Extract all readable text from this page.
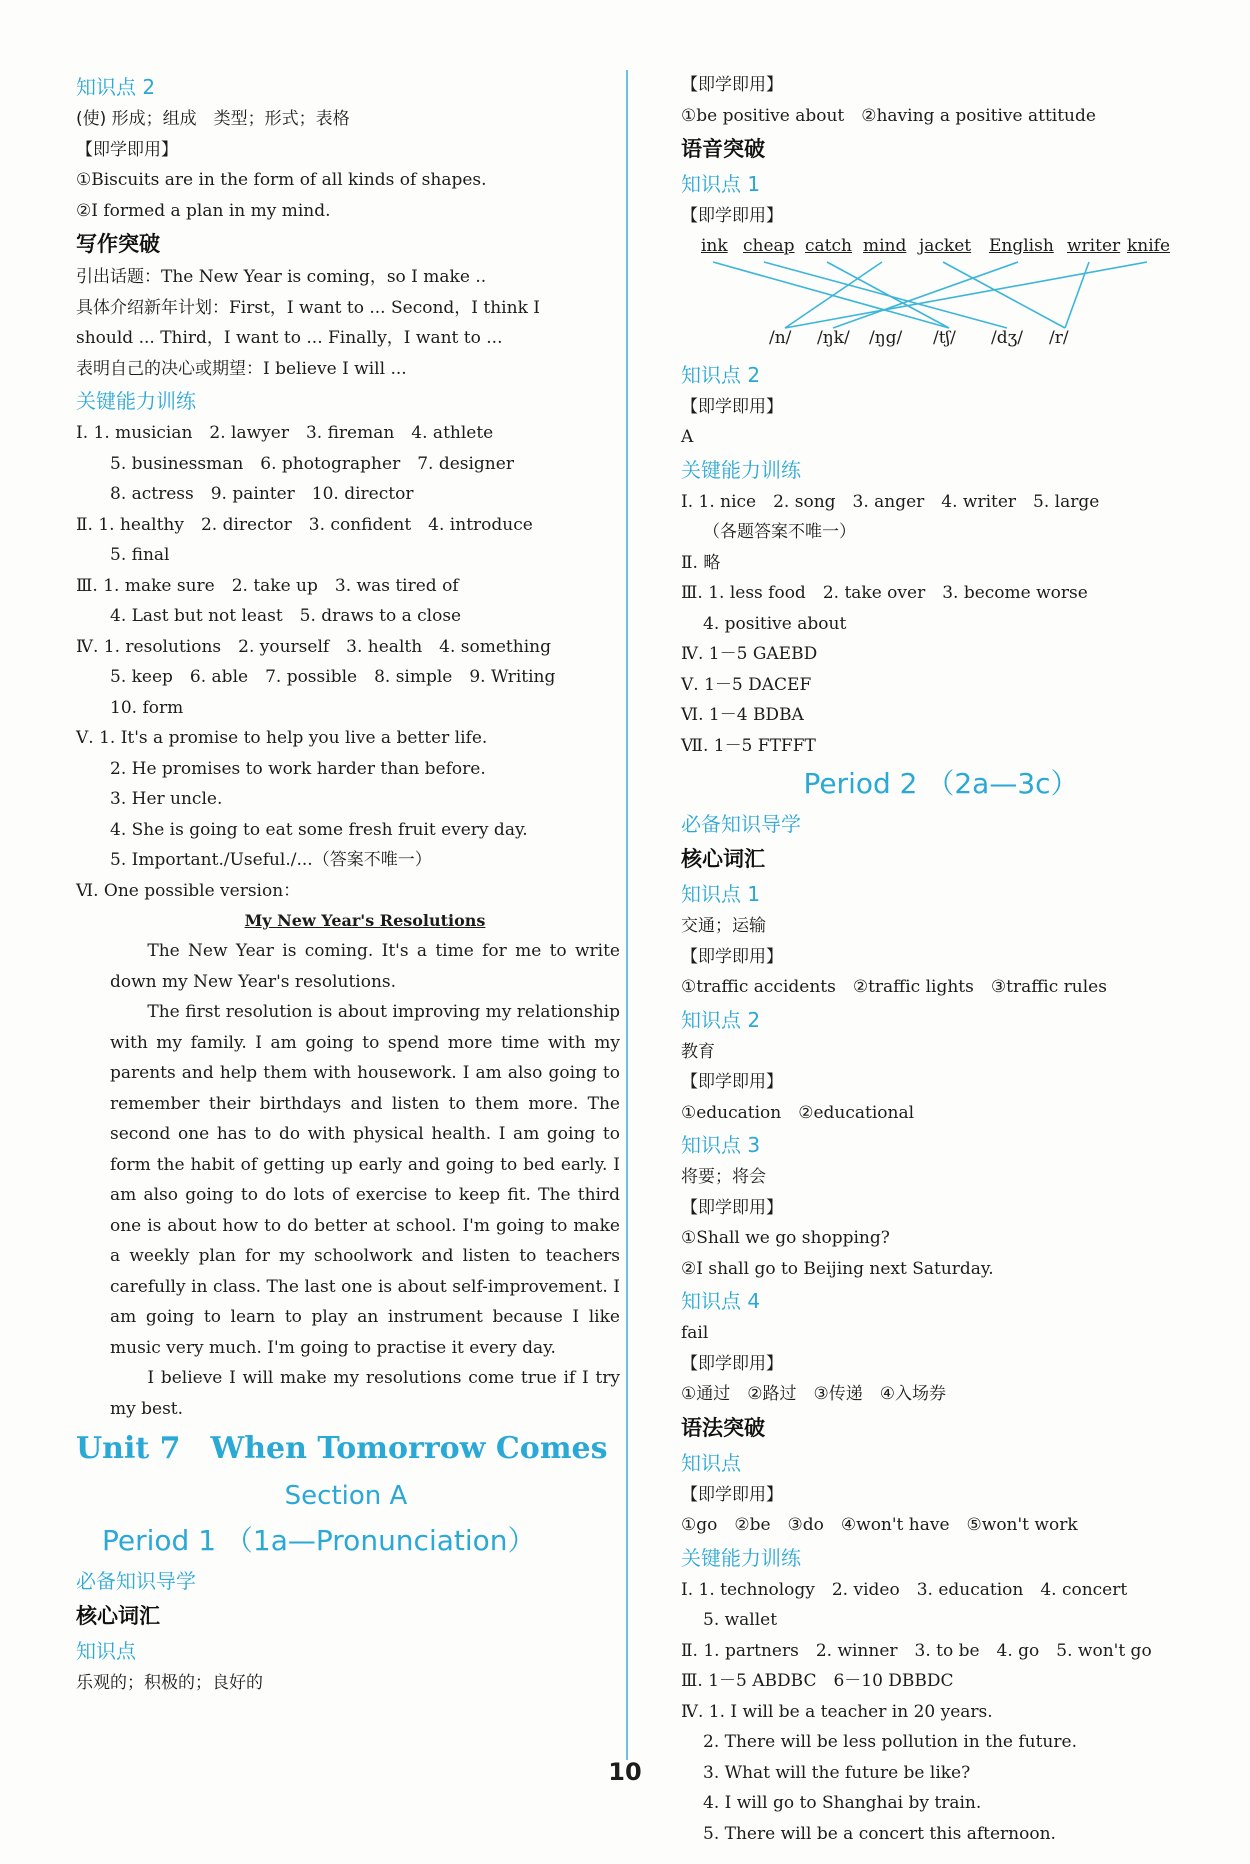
知识点 2
(使) 形成；组成　类型；形式；表格
【即学即用】
①Biscuits are in the form of all kinds of shapes.
②I formed a plan in my mind.
写作突破
引出话题：The New Year is coming，so I make ..
具体介绍新年计划：First，I want to ... Second，I think I
should ... Third，I want to ... Finally，I want to ...
表明自己的决心或期望：I believe I will ...
关键能力训练
Ⅰ. 1. musician　2. lawyer　3. fireman　4. athlete
5. businessman　6. photographer　7. designer
8. actress　9. painter　10. director
Ⅱ. 1. healthy　2. director　3. confident　4. introduce
5. final
Ⅲ. 1. make sure　2. take up　3. was tired of
4. Last but not least　5. draws to a close
Ⅳ. 1. resolutions　2. yourself　3. health　4. something
5. keep　6. able　7. possible　8. simple　9. Writing
10. form
Ⅴ. 1. It's a promise to help you live a better life.
2. He promises to work harder than before.
3. Her uncle.
4. She is going to eat some fresh fruit every day.
5. Important./Useful./...（答案不唯一）
Ⅵ. One possible version：
My New Year's Resolutions

The New Year is coming. It's a time for me to write down my New Year's resolutions.

The first resolution is about improving my relationship with my family. I am going to spend more time with my parents and help them with housework. I am also going to remember their birthdays and listen to them more. The second one has to do with physical health. I am going to form the habit of getting up early and going to bed early. I am also going to do lots of exercise to keep fit. The third one is about how to do better at school. I'm going to make a weekly plan for my schoolwork and listen to teachers carefully in class. The last one is about self-improvement. I am going to learn to play an instrument because I like music very much. I'm going to practise it every day.

I believe I will make my resolutions come true if I try my best.

Unit 7　When Tomorrow Comes
Section A
Period 1 （1a—Pronunciation）
必备知识导学
核心词汇
知识点
乐观的；积极的；良好的
【即学即用】
①be positive about　②having a positive attitude
语音突破
知识点 1
【即学即用】
ink cheap catch mind jacket English writer knife
/n/ /ŋk/ /ŋg/ /tʃ/ /dʒ/ /r/
知识点 2
【即学即用】
A
关键能力训练
Ⅰ. 1. nice　2. song　3. anger　4. writer　5. large
（各题答案不唯一）
Ⅱ. 略
Ⅲ. 1. less food　2. take over　3. become worse
4. positive about
Ⅳ. 1－5 GAEBD
Ⅴ. 1－5 DACEF
Ⅵ. 1－4 BDBA
Ⅶ. 1－5 FTFFT
Period 2 （2a—3c）
必备知识导学
核心词汇
知识点 1
交通；运输
【即学即用】
①traffic accidents　②traffic lights　③traffic rules
知识点 2
教育
【即学即用】
①education　②educational
知识点 3
将要；将会
【即学即用】
①Shall we go shopping?
②I shall go to Beijing next Saturday.
知识点 4
fail
【即学即用】
①通过　②路过　③传递　④入场券
语法突破
知识点
【即学即用】
①go　②be　③do　④won't have　⑤won't work
关键能力训练
Ⅰ. 1. technology　2. video　3. education　4. concert
5. wallet
Ⅱ. 1. partners　2. winner　3. to be　4. go　5. won't go
Ⅲ. 1－5 ABDBC　6－10 DBBDC
Ⅳ. 1. I will be a teacher in 20 years.
2. There will be less pollution in the future.
3. What will the future be like?
4. I will go to Shanghai by train.
5. There will be a concert this afternoon.
10
